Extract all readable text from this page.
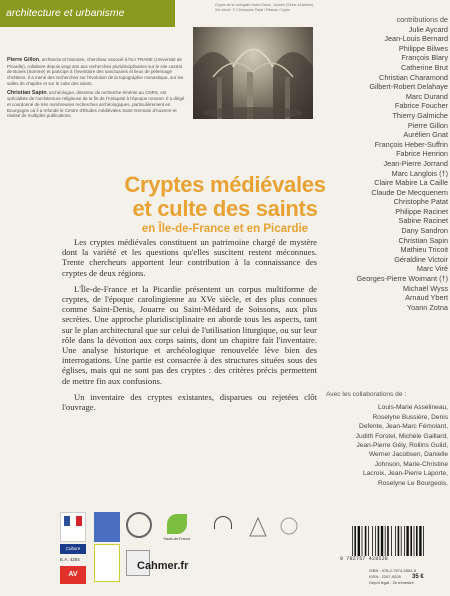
architecture et urbanisme
Crypte de la collégiale Notre-Dame, Jouarre (Seine-et-Marne), XIe siècle. © Christophe Patat / Réseau Crypte

Pierre Gillon, architecte et historien, chercheur associé à l'EA TRAME (Université de Picardie), collabore depuis vingt ans aux recherches pluridisciplinaires sur le site castral de Boves (Somme) et participe à l'inventaire des sanctuaires et lieux de pèlerinage chrétiens. Il a mené des recherches sur l'évolution de la topographie monastique, sur les salles de chapitre et sur le culte des saints.

Christian Sapin, archéologue, directeur de recherche émérite au CNRS, est spécialiste de l'architecture religieuse de la fin de l'Antiquité à l'époque romane. Il a dirigé et coordonné de très nombreuses recherches archéologiques, particulièrement en Bourgogne où il a refondé le Centre d'Études médiévales Saint-Germain d'Auxerre et réalisé de multiples publications.

Cryptes médiévales
et culte des saints
en Île-de-France et en Picardie

Les cryptes médiévales constituent un patrimoine chargé de mystère dont la variété et les questions qu'elles suscitent restent méconnues. Trente chercheurs apportent leur contribution à la connaissance des cryptes de deux régions.

L'Île-de-France et la Picardie présentent un corpus multiforme de cryptes, de l'époque carolingienne au XVe siècle, et des plus connues comme Saint-Denis, Jouarre ou Saint-Médard de Soissons, aux plus secrètes. Une approche pluridisciplinaire en aborde tous les aspects, tant sur le plan architectural que sur celui de l'utilisation liturgique, ou sur leur rôle dans la dévotion aux corps saints, dont un chapitre fait l'inventaire. Une analyse historique et archéologique renouvelée lève bien des interrogations. Une partie est consacrée à des structures situées sous des églises, mais qui ne sont pas des cryptes : des critères précis permettent de mettre fin aux confusions.

Un inventaire des cryptes existantes, disparues ou rejetées clôt l'ouvrage.

contributions de
Julie Aycard
Jean-Louis Bernard
Philippe Bilwes
François Blary
Catherine Brut
Christian Charamond
Gilbert-Robert Delahaye
Marc Durand
Fabrice Foucher
Thierry Galmiche
Pierre Gillon
Aurélien Gnat
François Heber-Suffrin
Fabrice Henrion
Jean-Pierre Jorrand
Marc Langlois (†)
Claire Mabire La Caille
Claude De Mecquenem
Christophe Patat
Philippe Racinet
Sabine Racinet
Dany Sandron
Christian Sapin
Mathieu Tricoit
Géraldine Victoir
Marc Viré
Georges-Pierre Woimant (†)
Michaël Wyss
Arnaud Ybert
Yoann Zotna
Avec les collaborations de :
Louis-Marie Asselineau,
Roselyne Bussière, Denis
Defente, Jean-Marc Fémolant,
Judith Forstel, Michèle Gaillard,
Jean-Pierre Gély, Rollins Guild,
Werner Jacobsen, Danielle
Johnson, Marie-Christine
Lacroix, Jean-Pierre Laporte,
Roselyne Le Bourgeois.
Culture
E.A. 4284
AV
Hauts-de-France
Cahmer.fr
9 782757 428528
ISBN : 978-2-7574-2852-8
ISSN : 2267-0025
Dépôt légal : 2e trimestre
35 €
